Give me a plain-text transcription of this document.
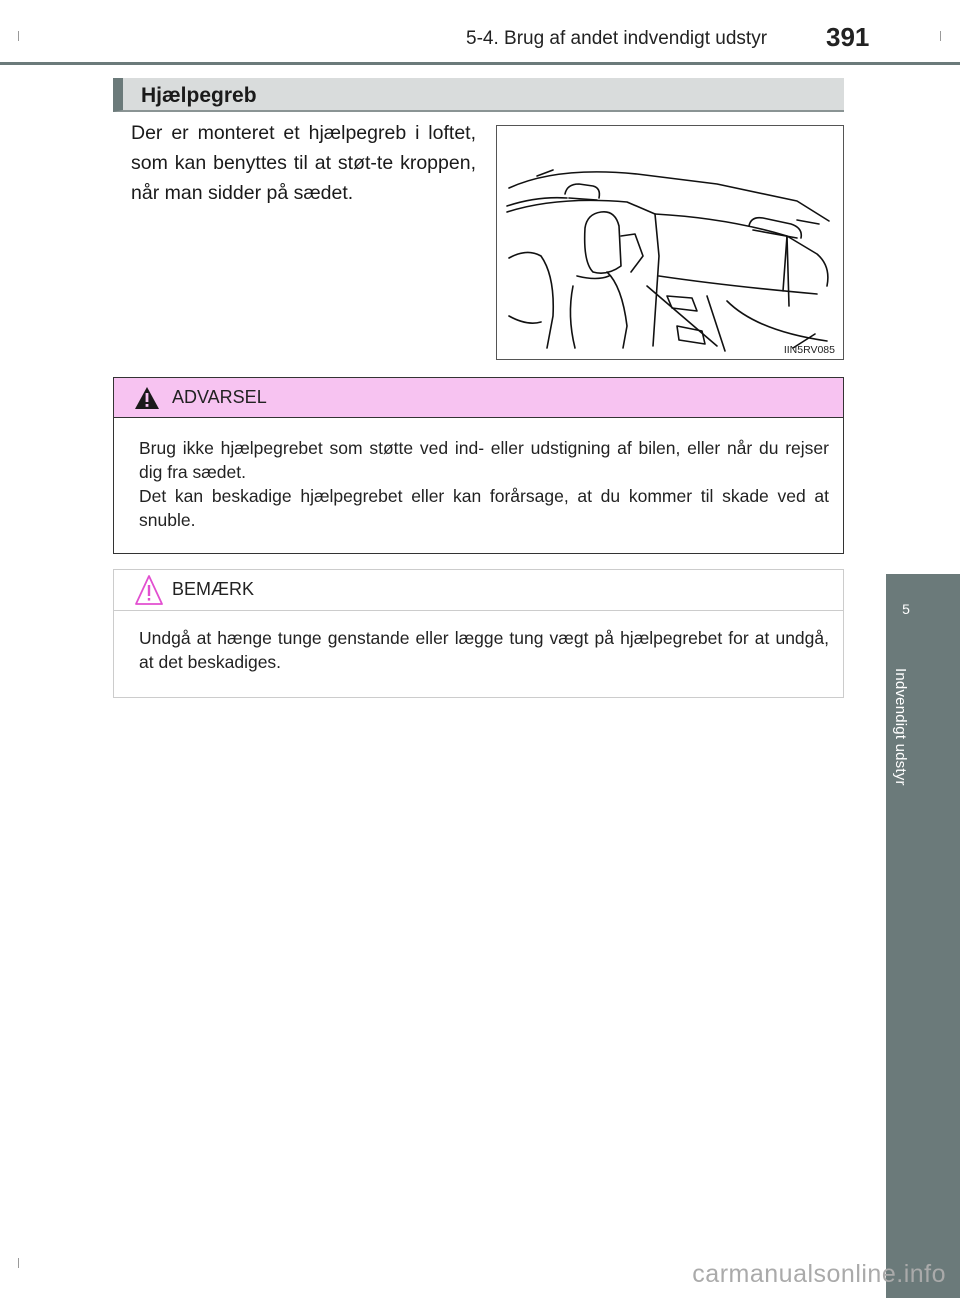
5-4. Brug af andet indvendigt udstyr 391
5
Indvendigt udstyr
Hjælpegreb
Der er monteret et hjælpegreb i loftet, som kan benyttes til at støt-te kroppen, når man sidder på sædet.
IIN5RV085
ADVARSEL
Brug ikke hjælpegrebet som støtte ved ind- eller udstigning af bilen, eller når du rejser dig fra sædet.
Det kan beskadige hjælpegrebet eller kan forårsage, at du kommer til skade ved at snuble.
BEMÆRK
Undgå at hænge tunge genstande eller lægge tung vægt på hjælpegrebet for at undgå, at det beskadiges.
carmanualsonline.info
